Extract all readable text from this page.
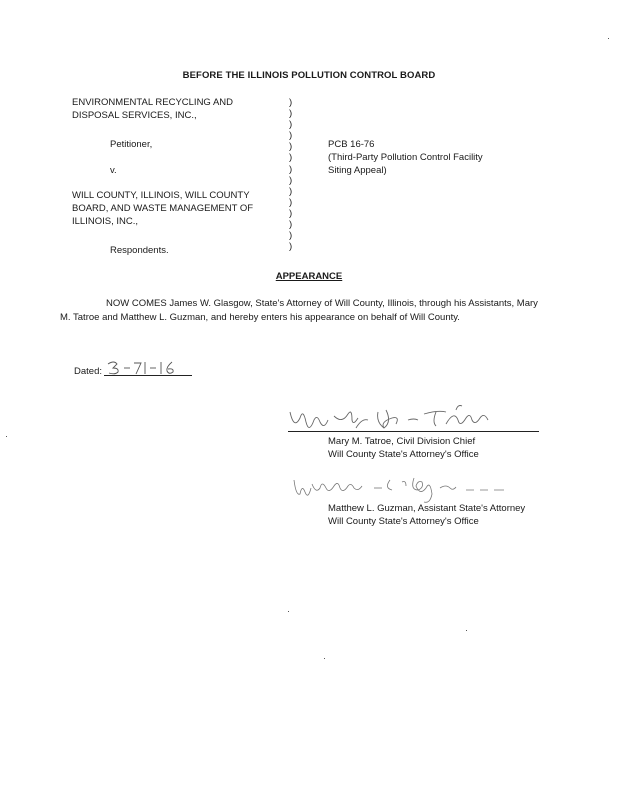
BEFORE THE ILLINOIS POLLUTION CONTROL BOARD
ENVIRONMENTAL RECYCLING AND
DISPOSAL SERVICES, INC.,
Petitioner,
v.
WILL COUNTY, ILLINOIS, WILL COUNTY
BOARD, AND WASTE MANAGEMENT OF
ILLINOIS, INC.,
Respondents.
)
)
)
)
)
)
)
)
)
)
)
)
)
)
PCB 16-76
(Third-Party Pollution Control Facility
Siting Appeal)
APPEARANCE
NOW COMES James W. Glasgow, State's Attorney of Will County, Illinois, through his Assistants, Mary M. Tatroe and Matthew L. Guzman, and hereby enters his appearance on behalf of Will County.
Dated:
Mary M. Tatroe, Civil Division Chief
Will County State's Attorney's Office
Matthew L. Guzman, Assistant State's Attorney
Will County State's Attorney's Office
